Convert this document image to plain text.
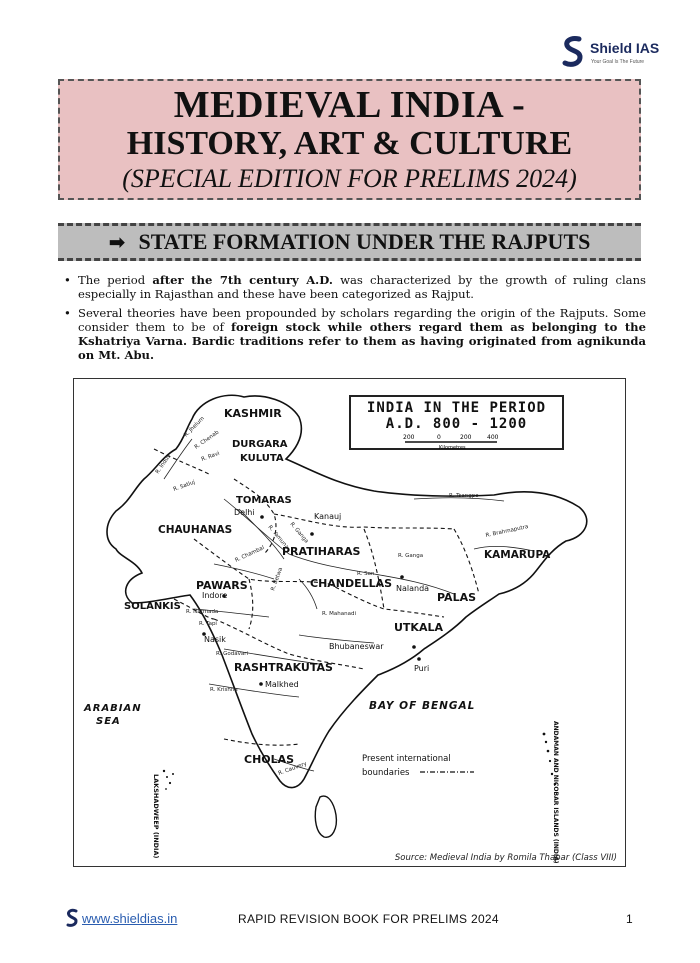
Shield IAS
Your Goal Is The Future
MEDIEVAL INDIA -
HISTORY, ART & CULTURE
(SPECIAL EDITION FOR PRELIMS 2024)
➡ STATE FORMATION UNDER THE RAJPUTS
• The period after the 7th century A.D. was characterized by the growth of ruling clans especially in Rajasthan and these have been categorized as Rajput.
• Several theories have been propounded by scholars regarding the origin of the Rajputs. Some consider them to be of foreign stock while others regard them as belonging to the Kshatriya Varna. Bardic traditions refer to them as having originated from agnikunda on Mt. Abu.
KASHMIR
DURGARA
KULUTA
TOMARAS
CHAUHANAS
PRATIHARAS
PAWARS	CHANDELLAS
SOLANKIS
PALAS
KAMARUPA
UTKALA
RASHTRAKUTAS
CHOLAS
Delhi	Kanauj
Indore
Nalanda
Nasik
Bhubaneswar
Puri
Malkhed
R. Indus
R. Jhelum
R. Chenab
R. Ravi
R. Satluj
R. Tsangpo
R. Ganga
R. Yamuna
R. Chambal
R. Betwa	R. Son
R. Ganga
R. Brahmaputra
R. Narmada
R. Tapi
R. Mahanadi
R. Godavari
R. Krishna
R. Cauvery
ARABIAN
SEA
BAY OF BENGAL
Present international
boundaries
LAKSHADWEEP (INDIA)	ANDAMAN AND NICOBAR ISLANDS (INDIA)
INDIA IN THE PERIOD
A.D. 800 - 1200
200	0	200	400
Kilometres
Source: Medieval India by Romila Thapar (Class VIII)
www.shieldias.in	RAPID REVISION BOOK FOR PRELIMS 2024	1
